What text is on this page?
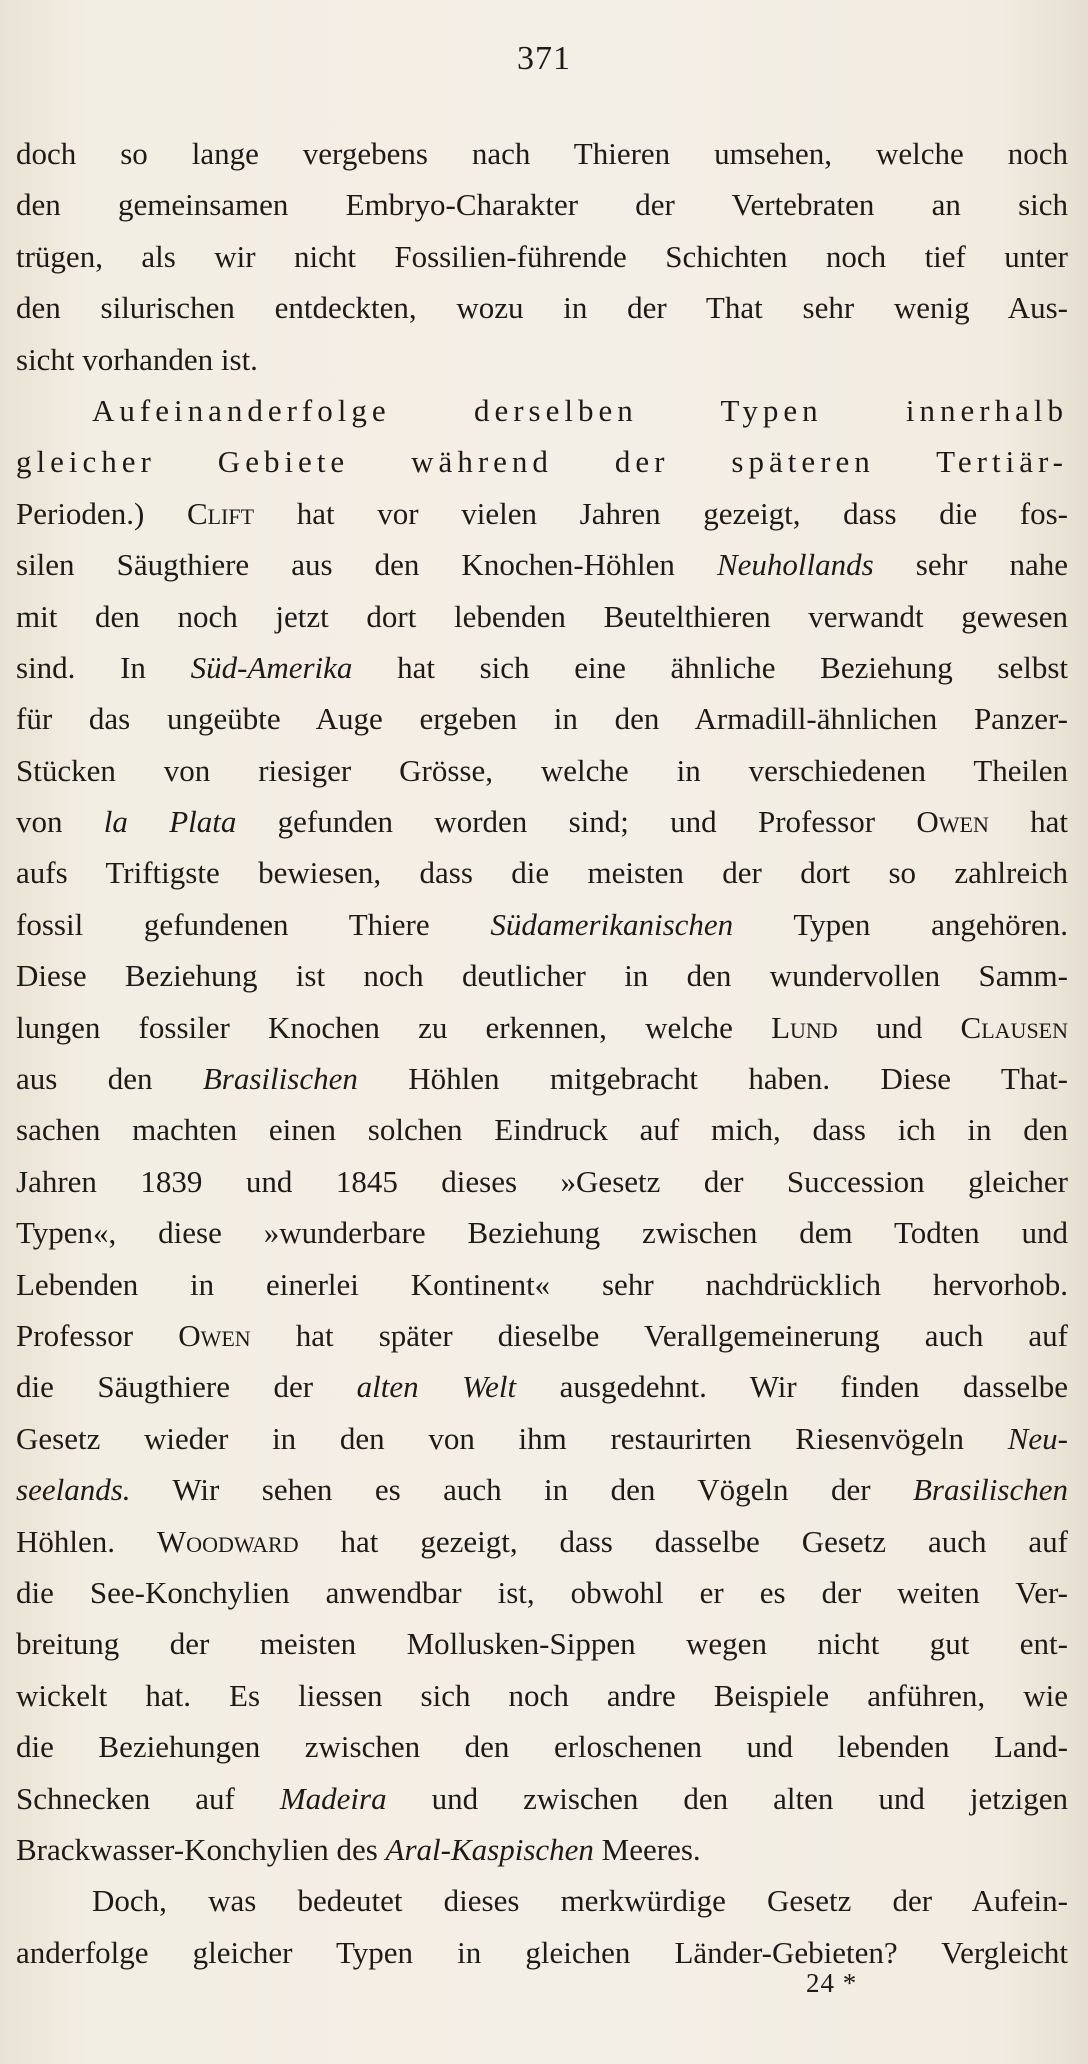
371
doch so lange vergebens nach Thieren umsehen, welche noch
den gemeinsamen Embryo-Charakter der Vertebraten an sich
trügen, als wir nicht Fossilien-führende Schichten noch tief unter
den silurischen entdeckten, wozu in der That sehr wenig Aus-
sicht vorhanden ist.
Aufeinanderfolge derselben Typen innerhalb
gleicher Gebiete während der späteren Tertiär-
Perioden.) Clift hat vor vielen Jahren gezeigt, dass die fos-
silen Säugthiere aus den Knochen-Höhlen Neuhollands sehr nahe
mit den noch jetzt dort lebenden Beutelthieren verwandt gewesen
sind. In Süd-Amerika hat sich eine ähnliche Beziehung selbst
für das ungeübte Auge ergeben in den Armadill-ähnlichen Panzer-
Stücken von riesiger Grösse, welche in verschiedenen Theilen
von la Plata gefunden worden sind; und Professor Owen hat
aufs Triftigste bewiesen, dass die meisten der dort so zahlreich
fossil gefundenen Thiere Südamerikanischen Typen angehören.
Diese Beziehung ist noch deutlicher in den wundervollen Samm-
lungen fossiler Knochen zu erkennen, welche Lund und Clausen
aus den Brasilischen Höhlen mitgebracht haben. Diese That-
sachen machten einen solchen Eindruck auf mich, dass ich in den
Jahren 1839 und 1845 dieses »Gesetz der Succession gleicher
Typen«, diese »wunderbare Beziehung zwischen dem Todten und
Lebenden in einerlei Kontinent« sehr nachdrücklich hervorhob.
Professor Owen hat später dieselbe Verallgemeinerung auch auf
die Säugthiere der alten Welt ausgedehnt. Wir finden dasselbe
Gesetz wieder in den von ihm restaurirten Riesenvögeln Neu-
seelands. Wir sehen es auch in den Vögeln der Brasilischen
Höhlen. Woodward hat gezeigt, dass dasselbe Gesetz auch auf
die See-Konchylien anwendbar ist, obwohl er es der weiten Ver-
breitung der meisten Mollusken-Sippen wegen nicht gut ent-
wickelt hat. Es liessen sich noch andre Beispiele anführen, wie
die Beziehungen zwischen den erloschenen und lebenden Land-
Schnecken auf Madeira und zwischen den alten und jetzigen
Brackwasser-Konchylien des Aral-Kaspischen Meeres.
Doch, was bedeutet dieses merkwürdige Gesetz der Aufein-
anderfolge gleicher Typen in gleichen Länder-Gebieten? Vergleicht
24 *
